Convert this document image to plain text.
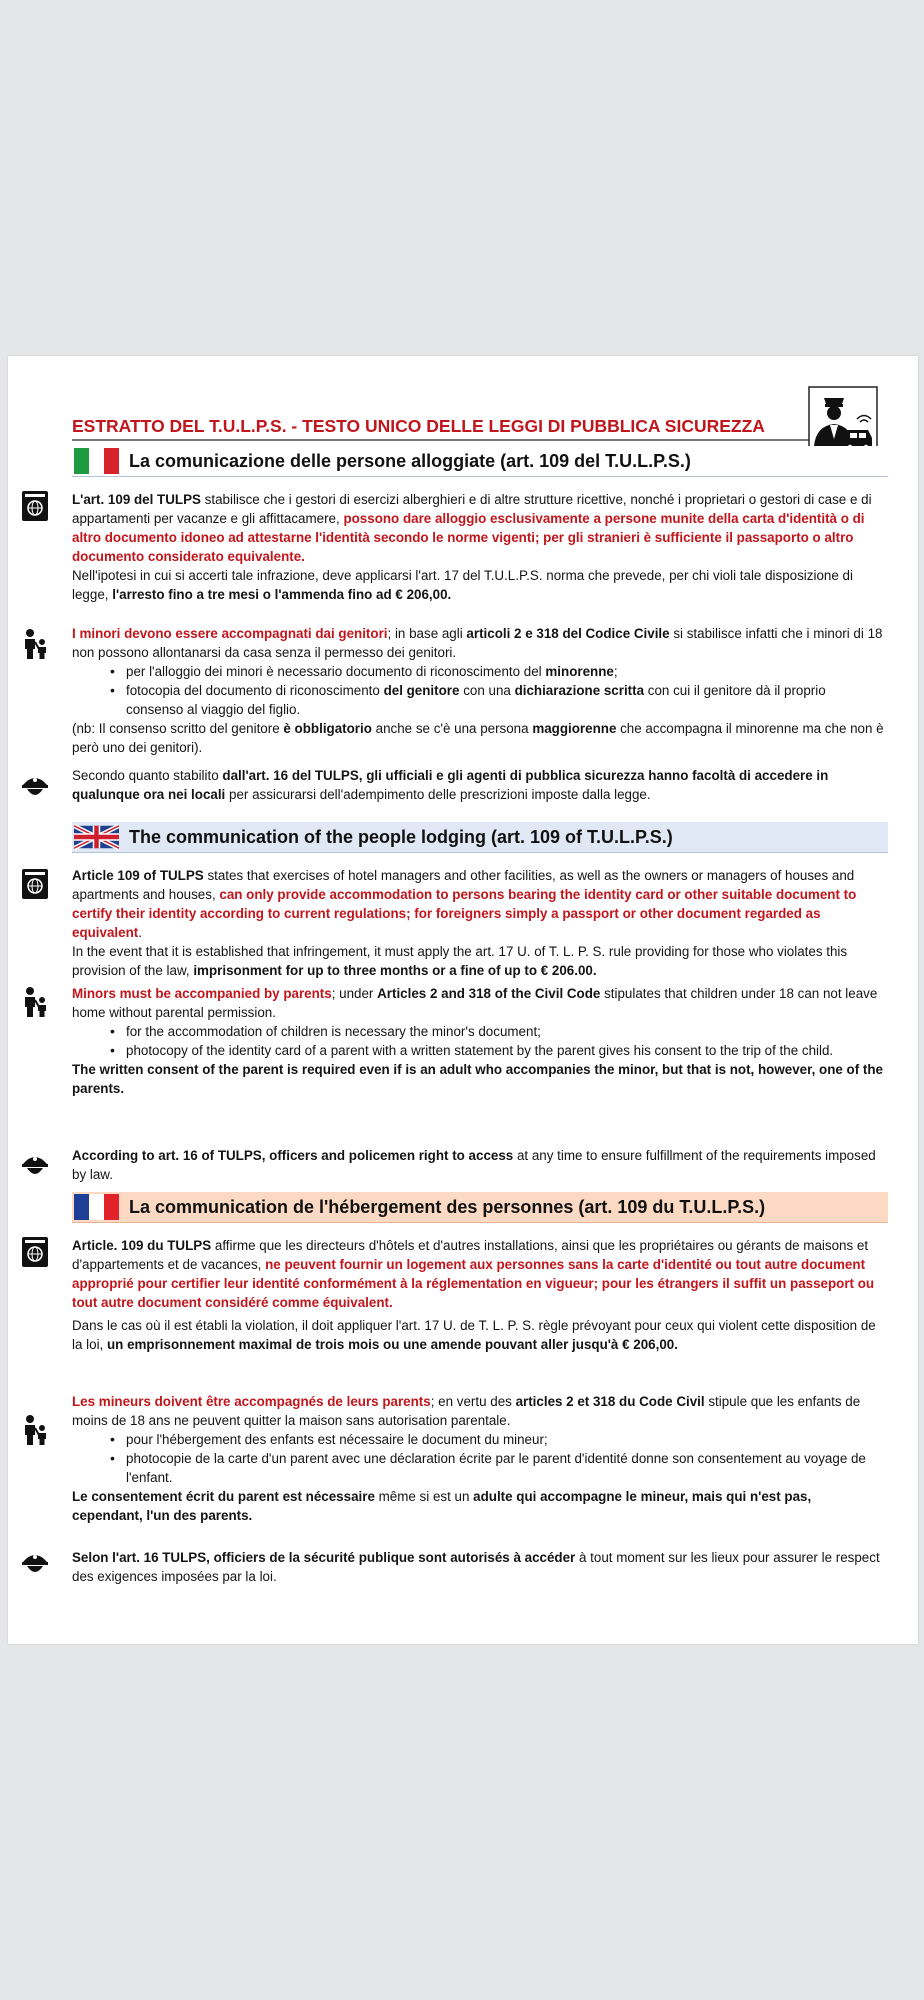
ESTRATTO DEL T.U.L.P.S. - TESTO UNICO DELLE LEGGI DI PUBBLICA SICUREZZA
La comunicazione delle persone alloggiate (art. 109 del T.U.L.P.S.)

L'art. 109 del TULPS stabilisce che i gestori di esercizi alberghieri e di altre strutture ricettive, nonché i proprietari o gestori di case e di appartamenti per vacanze e gli affittacamere, possono dare alloggio esclusivamente a persone munite della carta d'identità o di altro documento idoneo ad attestarne l'identità secondo le norme vigenti; per gli stranieri è sufficiente il passaporto o altro documento considerato equivalente.

Nell'ipotesi in cui si accerti tale infrazione, deve applicarsi l'art. 17 del T.U.L.P.S. norma che prevede, per chi violi tale disposizione di legge, l'arresto fino a tre mesi o l'ammenda fino ad € 206,00.

I minori devono essere accompagnati dai genitori; in base agli articoli 2 e 318 del Codice Civile si stabilisce infatti che i minori di 18 non possono allontanarsi da casa senza il permesso dei genitori.

• per l'alloggio dei minori è necessario documento di riconoscimento del minorenne;
• fotocopia del documento di riconoscimento del genitore con una dichiarazione scritta con cui il genitore dà il proprio consenso al viaggio del figlio.

(nb: Il consenso scritto del genitore è obbligatorio anche se c'è una persona maggiorenne che accompagna il minorenne ma che non è però uno dei genitori).

Secondo quanto stabilito dall'art. 16 del TULPS, gli ufficiali e gli agenti di pubblica sicurezza hanno facoltà di accedere in qualunque ora nei locali per assicurarsi dell'adempimento delle prescrizioni imposte dalla legge.

The communication of the people lodging (art. 109 of T.U.L.P.S.)

Article 109 of TULPS states that exercises of hotel managers and other facilities, as well as the owners or managers of houses and apartments and houses, can only provide accommodation to persons bearing the identity card or other suitable document to certify their identity according to current regulations; for foreigners simply a passport or other document regarded as equivalent.

In the event that it is established that infringement, it must apply the art. 17 U. of T. L. P. S. rule providing for those who violates this provision of the law, imprisonment for up to three months or a fine of up to € 206.00.

Minors must be accompanied by parents; under Articles 2 and 318 of the Civil Code stipulates that children under 18 can not leave home without parental permission.

• for the accommodation of children is necessary the minor's document;
• photocopy of the identity card of a parent with a written statement by the parent gives his consent to the trip of the child.

The written consent of the parent is required even if is an adult who accompanies the minor, but that is not, however, one of the parents.

According to art. 16 of TULPS, officers and policemen right to access at any time to ensure fulfillment of the requirements imposed by law.

La communication de l'hébergement des personnes (art. 109 du T.U.L.P.S.)

Article. 109 du TULPS affirme que les directeurs d'hôtels et d'autres installations, ainsi que les propriétaires ou gérants de maisons et d'appartements et de vacances, ne peuvent fournir un logement aux personnes sans la carte d'identité ou tout autre document approprié pour certifier leur identité conformément à la réglementation en vigueur; pour les étrangers il suffit un passeport ou tout autre document considéré comme équivalent.

Dans le cas où il est établi la violation, il doit appliquer l'art. 17 U. de T. L. P. S. règle prévoyant pour ceux qui violent cette disposition de la loi, un emprisonnement maximal de trois mois ou une amende pouvant aller jusqu'à € 206,00.

Les mineurs doivent être accompagnés de leurs parents; en vertu des articles 2 et 318 du Code Civil stipule que les enfants de moins de 18 ans ne peuvent quitter la maison sans autorisation parentale.

• pour l'hébergement des enfants est nécessaire le document du mineur;
• photocopie de la carte d'un parent avec une déclaration écrite par le parent d'identité donne son consentement au voyage de l'enfant.

Le consentement écrit du parent est nécessaire même si est un adulte qui accompagne le mineur, mais qui n'est pas, cependant, l'un des parents.

Selon l'art. 16 TULPS, officiers de la sécurité publique sont autorisés à accéder à tout moment sur les lieux pour assurer le respect des exigences imposées par la loi.
